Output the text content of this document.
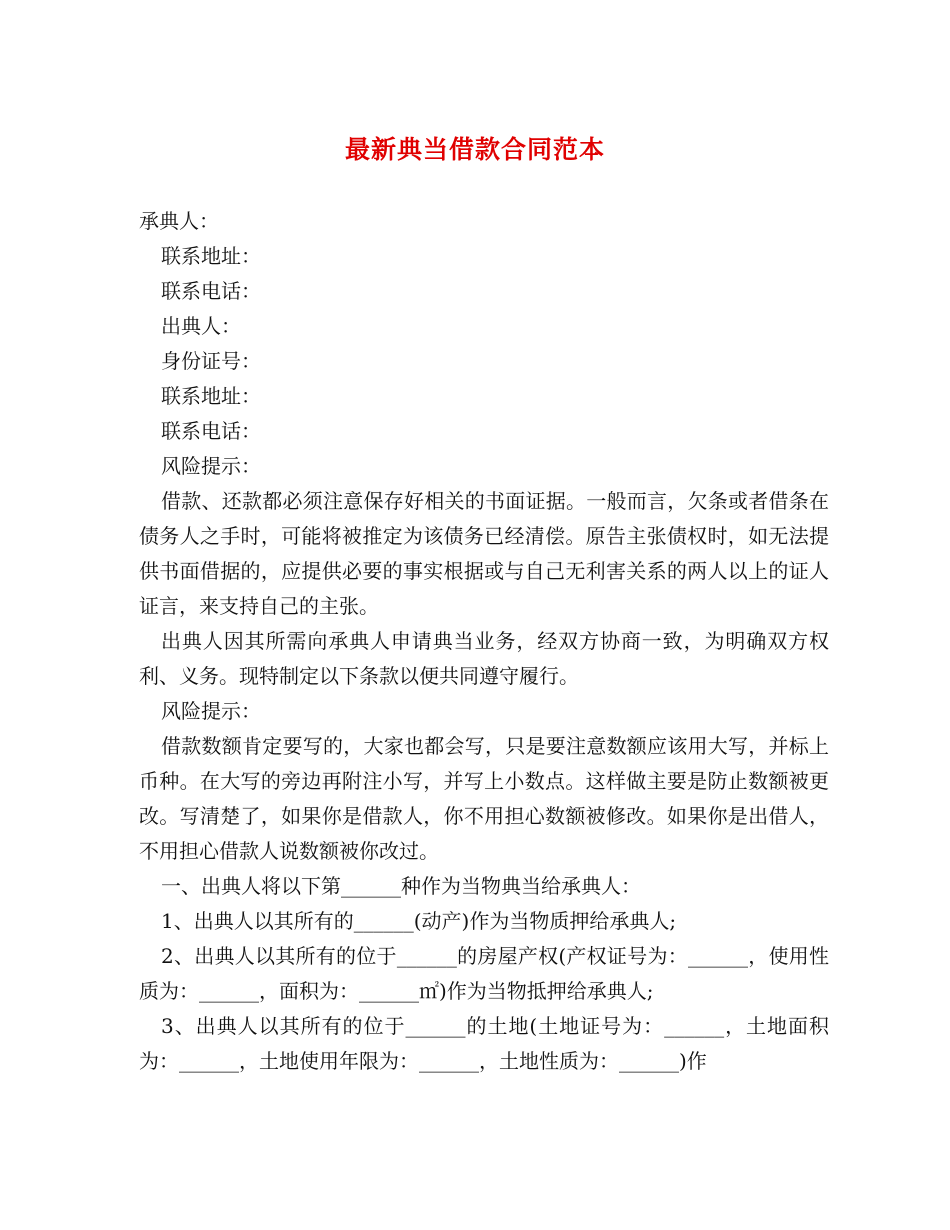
最新典当借款合同范本
承典人：
联系地址：
联系电话：
出典人：
身份证号：
联系地址：
联系电话：
风险提示：
借款、还款都必须注意保存好相关的书面证据。一般而言，欠条或者借条在债务人之手时，可能将被推定为该债务已经清偿。原告主张债权时，如无法提供书面借据的，应提供必要的事实根据或与自己无利害关系的两人以上的证人证言，来支持自己的主张。
出典人因其所需向承典人申请典当业务，经双方协商一致，为明确双方权利、义务。现特制定以下条款以便共同遵守履行。
风险提示：
借款数额肯定要写的，大家也都会写，只是要注意数额应该用大写，并标上币种。在大写的旁边再附注小写，并写上小数点。这样做主要是防止数额被更改。写清楚了，如果你是借款人，你不用担心数额被修改。如果你是出借人，不用担心借款人说数额被你改过。
一、出典人将以下第______种作为当物典当给承典人：
1、出典人以其所有的______(动产)作为当物质押给承典人;
2、出典人以其所有的位于______的房屋产权(产权证号为：______，使用性质为：______，面积为：______㎡)作为当物抵押给承典人;
3、出典人以其所有的位于______的土地(土地证号为：______，土地面积为：______，土地使用年限为：______，土地性质为：______)作
